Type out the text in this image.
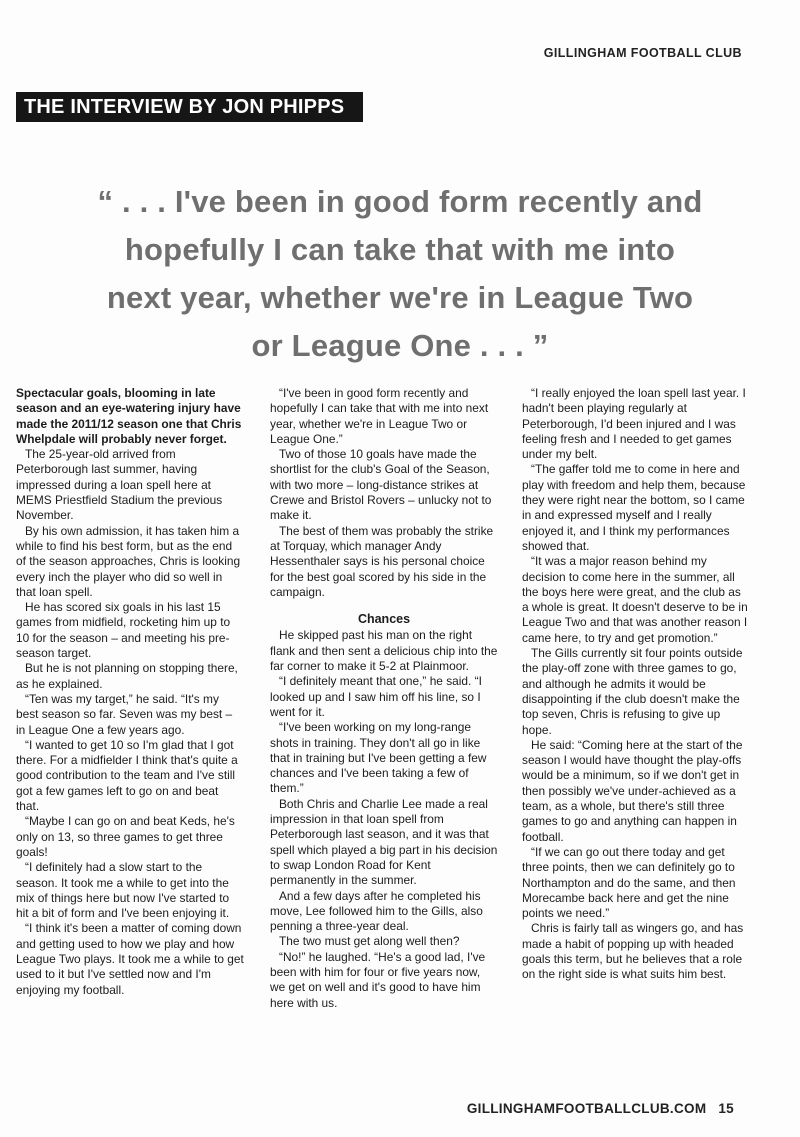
GILLINGHAM FOOTBALL CLUB
THE INTERVIEW BY JON PHIPPS
“ . . . I've been in good form recently and
hopefully I can take that with me into
next year, whether we're in League Two
or League One . . . ”

Spectacular goals, blooming in late season and an eye-watering injury have made the 2011/12 season one that Chris Whelpdale will probably never forget.

The 25-year-old arrived from Peterborough last summer, having impressed during a loan spell here at MEMS Priestfield Stadium the previous November.

By his own admission, it has taken him a while to find his best form, but as the end of the season approaches, Chris is looking every inch the player who did so well in that loan spell.

He has scored six goals in his last 15 games from midfield, rocketing him up to 10 for the season – and meeting his pre-season target.

But he is not planning on stopping there, as he explained.

“Ten was my target,” he said. “It's my best season so far. Seven was my best – in League One a few years ago.

“I wanted to get 10 so I'm glad that I got there. For a midfielder I think that's quite a good contribution to the team and I've still got a few games left to go on and beat that.

“Maybe I can go on and beat Keds, he's only on 13, so three games to get three goals!

“I definitely had a slow start to the season. It took me a while to get into the mix of things here but now I've started to hit a bit of form and I've been enjoying it.

“I think it's been a matter of coming down and getting used to how we play and how League Two plays. It took me a while to get used to it but I've settled now and I'm enjoying my football.

“I've been in good form recently and hopefully I can take that with me into next year, whether we're in League Two or League One.”

Two of those 10 goals have made the shortlist for the club's Goal of the Season, with two more – long-distance strikes at Crewe and Bristol Rovers – unlucky not to make it.

The best of them was probably the strike at Torquay, which manager Andy Hessenthaler says is his personal choice for the best goal scored by his side in the campaign.

Chances

He skipped past his man on the right flank and then sent a delicious chip into the far corner to make it 5-2 at Plainmoor.

“I definitely meant that one,” he said. “I looked up and I saw him off his line, so I went for it.

“I've been working on my long-range shots in training. They don't all go in like that in training but I've been getting a few chances and I've been taking a few of them.”

Both Chris and Charlie Lee made a real impression in that loan spell from Peterborough last season, and it was that spell which played a big part in his decision to swap London Road for Kent permanently in the summer.

And a few days after he completed his move, Lee followed him to the Gills, also penning a three-year deal.

The two must get along well then?

“No!” he laughed. “He's a good lad, I've been with him for four or five years now, we get on well and it's good to have him here with us.

“I really enjoyed the loan spell last year. I hadn't been playing regularly at Peterborough, I'd been injured and I was feeling fresh and I needed to get games under my belt.

“The gaffer told me to come in here and play with freedom and help them, because they were right near the bottom, so I came in and expressed myself and I really enjoyed it, and I think my performances showed that.

“It was a major reason behind my decision to come here in the summer, all the boys here were great, and the club as a whole is great. It doesn't deserve to be in League Two and that was another reason I came here, to try and get promotion.”

The Gills currently sit four points outside the play-off zone with three games to go, and although he admits it would be disappointing if the club doesn't make the top seven, Chris is refusing to give up hope.

He said: “Coming here at the start of the season I would have thought the play-offs would be a minimum, so if we don't get in then possibly we've under-achieved as a team, as a whole, but there's still three games to go and anything can happen in football.

“If we can go out there today and get three points, then we can definitely go to Northampton and do the same, and then Morecambe back here and get the nine points we need.”

Chris is fairly tall as wingers go, and has made a habit of popping up with headed goals this term, but he believes that a role on the right side is what suits him best.

GILLINGHAMFOOTBALLCLUB.COM 15
